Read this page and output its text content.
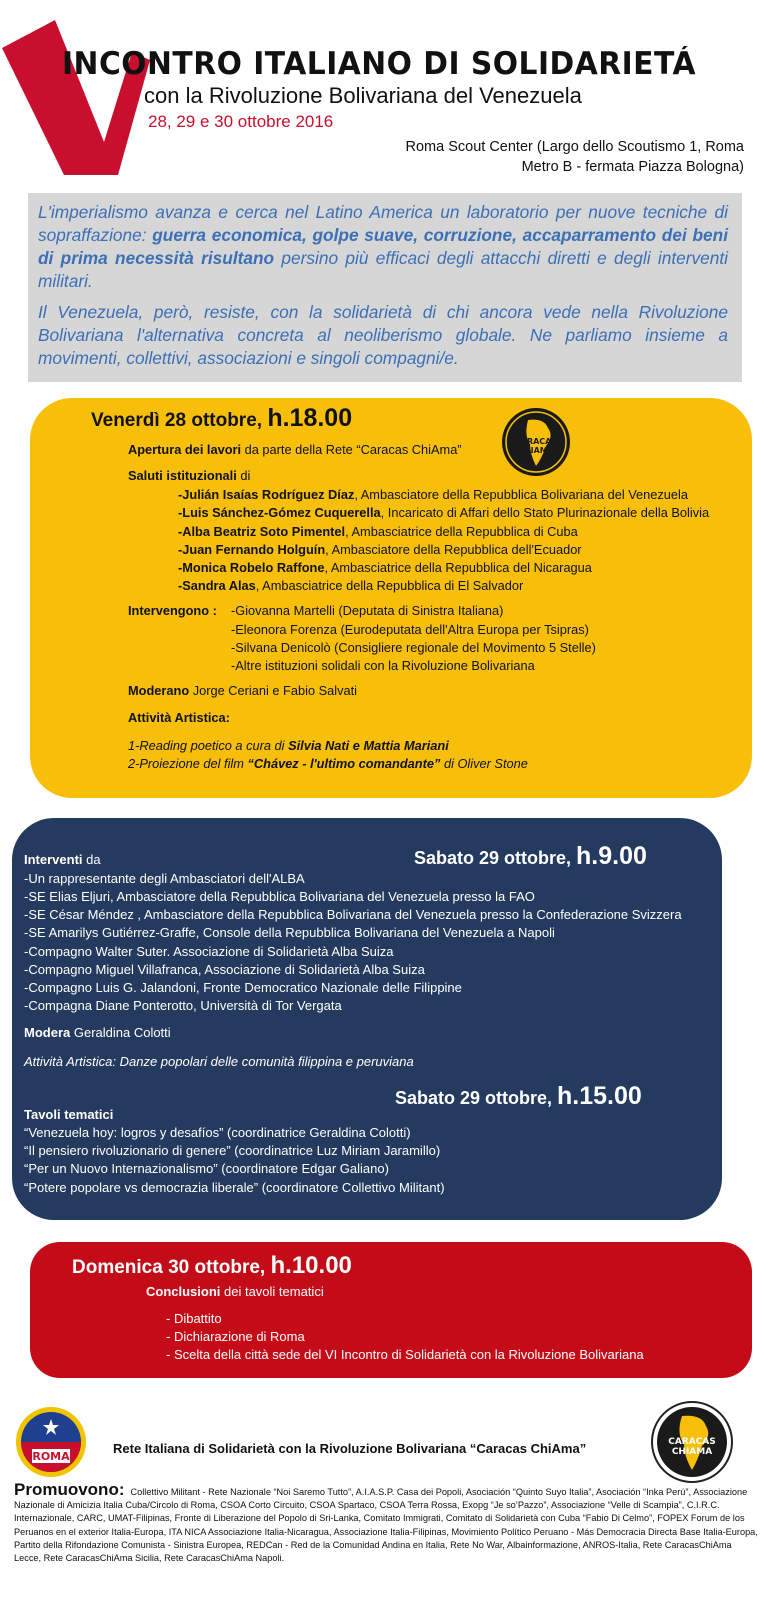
INCONTRO ITALIANO DI SOLIDARIETÁ
con la Rivoluzione Bolivariana del Venezuela
28, 29 e 30 ottobre 2016
Roma Scout Center (Largo dello Scoutismo 1, Roma
Metro B - fermata Piazza Bologna)

L'imperialismo avanza e cerca nel Latino America un laboratorio per nuove tecniche di sopraffazione: guerra economica, golpe suave, corruzione, accaparramento dei beni di prima necessità risultano persino più efficaci degli attacchi diretti e degli interventi militari.

Il Venezuela, però, resiste, con la solidarietà di chi ancora vede nella Rivoluzione Bolivariana l'alternativa concreta al neoliberismo globale. Ne parliamo insieme a movimenti, collettivi, associazioni e singoli compagni/e.

Venerdì 28 ottobre, h.18.00
CARACAS
CHIAMA
Apertura dei lavori da parte della Rete “Caracas ChiAma”
Saluti istituzionali di
-Julián Isaías Rodríguez Díaz, Ambasciatore della Repubblica Bolivariana del Venezuela
-Luis Sánchez-Gómez Cuquerella, Incaricato di Affari dello Stato Plurinazionale della Bolivia
-Alba Beatriz Soto Pimentel, Ambasciatrice della Repubblica di Cuba
-Juan Fernando Holguín, Ambasciatore della Repubblica dell'Ecuador
-Monica Robelo Raffone, Ambasciatrice della Repubblica del Nicaragua
-Sandra Alas, Ambasciatrice della Repubblica di El Salvador
Intervengono : -Giovanna Martelli (Deputata di Sinistra Italiana)
-Eleonora Forenza (Eurodeputata dell'Altra Europa per Tsipras)
-Silvana Denicolò (Consigliere regionale del Movimento 5 Stelle)
-Altre istituzioni solidali con la Rivoluzione Bolivariana
Moderano Jorge Ceriani e Fabio Salvati
Attività Artistica:
1-Reading poetico a cura di Silvia Nati e Mattia Mariani
2-Proiezione del film “Chávez - l'ultimo comandante” di Oliver Stone
Sabato 29 ottobre, h.9.00
Interventi da
-Un rappresentante degli Ambasciatori dell'ALBA
-SE Elias Eljuri, Ambasciatore della Repubblica Bolivariana del Venezuela presso la FAO
-SE César Méndez , Ambasciatore della Repubblica Bolivariana del Venezuela presso la Confederazione Svizzera
-SE Amarilys Gutiérrez-Graffe, Console della Repubblica Bolivariana del Venezuela a Napoli
-Compagno Walter Suter. Associazione di Solidarietà Alba Suiza
-Compagno Miguel Villafranca, Associazione di Solidarietà Alba Suiza
-Compagno Luis G. Jalandoni, Fronte Democratico Nazionale delle Filippine
-Compagna Diane Ponterotto, Università di Tor Vergata
Modera Geraldina Colotti
Attività Artistica: Danze popolari delle comunità filippina e peruviana
Sabato 29 ottobre, h.15.00
Tavoli tematici
“Venezuela hoy: logros y desafíos” (coordinatrice Geraldina Colotti)
“Il pensiero rivoluzionario di genere” (coordinatrice Luz Miriam Jaramillo)
“Per un Nuovo Internazionalismo” (coordinatore Edgar Galiano)
“Potere popolare vs democrazia liberale” (coordinatore Collettivo Militant)
Domenica 30 ottobre, h.10.00
Conclusioni dei tavoli tematici
- Dibattito
- Dichiarazione di Roma
- Scelta della città sede del VI Incontro di Solidarietà con la Rivoluzione Bolivariana
ROMA
Rete Italiana di Solidarietà con la Rivoluzione Bolivariana “Caracas ChiAma”	CARACAS
CHIAMA
Promuovono: Collettivo Militant - Rete Nazionale “Noi Saremo Tutto”, A.I.A.S.P. Casa dei Popoli, Asociación “Quinto Suyo Italia”, Asociación “Inka Perú”, Associazione Nazionale di Amicizia Italia Cuba/Circolo di Roma, CSOA Corto Circuito, CSOA Spartaco, CSOA Terra Rossa, Exopg “Je so’Pazzo”, Associazione “Velle di Scampia”, C.I.R.C. Internazionale, CARC, UMAT-Filipinas, Fronte di Liberazione del Popolo di Sri-Lanka, Comitato Immigrati, Comitato di Solidarietà con Cuba “Fabio Di Celmo”, FOPEX Forum de los Peruanos en el exterior Italia-Europa, ITA NICA Associazione Italia-Nicaragua, Associazione Italia-Filipinas, Movimiento Político Peruano - Más Democracia Directa Base Italia-Europa, Partito della Rifondazione Comunista - Sinistra Europea, REDCan - Red de la Comunidad Andina en Italia, Rete No War, Albainformazione, ANROS-Italia, Rete CaracasChiAma Lecce, Rete CaracasChiAma Sicilia, Rete CaracasChiAma Napoli.
